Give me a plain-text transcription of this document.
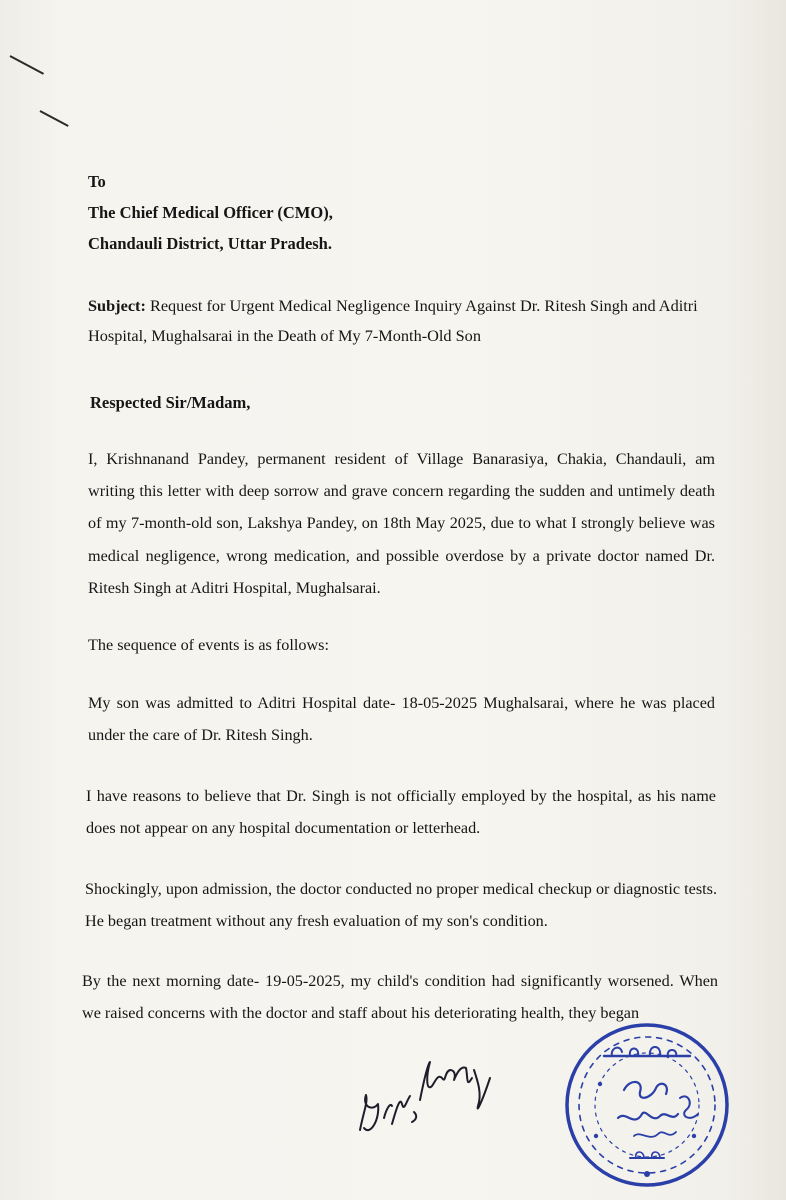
To

The Chief Medical Officer (CMO),

Chandauli District, Uttar Pradesh.

Subject: Request for Urgent Medical Negligence Inquiry Against Dr. Ritesh Singh and Aditri Hospital, Mughalsarai in the Death of My 7-Month-Old Son

Respected Sir/Madam,

I, Krishnanand Pandey, permanent resident of Village Banarasiya, Chakia, Chandauli, am writing this letter with deep sorrow and grave concern regarding the sudden and untimely death of my 7-month-old son, Lakshya Pandey, on 18th May 2025, due to what I strongly believe was medical negligence, wrong medication, and possible overdose by a private doctor named Dr. Ritesh Singh at Aditri Hospital, Mughalsarai.

The sequence of events is as follows:

My son was admitted to Aditri Hospital date- 18-05-2025 Mughalsarai, where he was placed under the care of Dr. Ritesh Singh.

I have reasons to believe that Dr. Singh is not officially employed by the hospital, as his name does not appear on any hospital documentation or letterhead.

Shockingly, upon admission, the doctor conducted no proper medical checkup or diagnostic tests. He began treatment without any fresh evaluation of my son's condition.

By the next morning date- 19-05-2025, my child's condition had significantly worsened. When we raised concerns with the doctor and staff about his deteriorating health, they began
